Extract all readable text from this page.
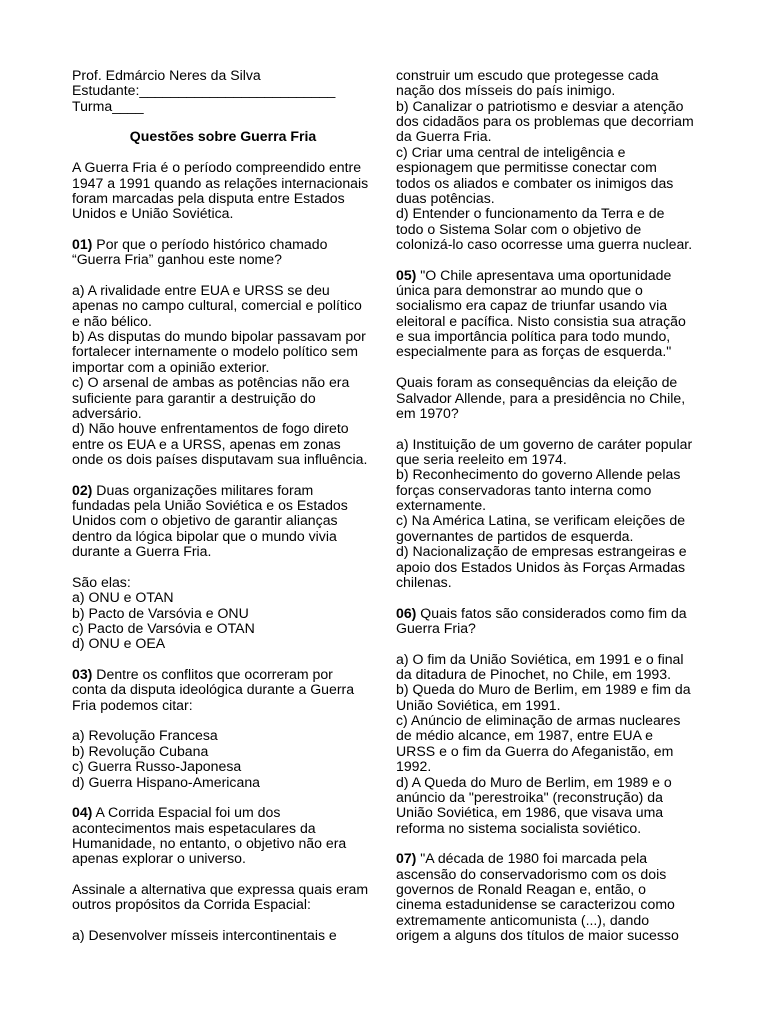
Prof. Edmárcio Neres da Silva
Estudante:_________________________
Turma____
Questões sobre Guerra Fria
A Guerra Fria é o período compreendido entre
1947 a 1991 quando as relações internacionais
foram marcadas pela disputa entre Estados
Unidos e União Soviética.
01) Por que o período histórico chamado
“Guerra Fria” ganhou este nome?
a) A rivalidade entre EUA e URSS se deu
apenas no campo cultural, comercial e político
e não bélico.
b) As disputas do mundo bipolar passavam por
fortalecer internamente o modelo político sem
importar com a opinião exterior.
c) O arsenal de ambas as potências não era
suficiente para garantir a destruição do
adversário.
d) Não houve enfrentamentos de fogo direto
entre os EUA e a URSS, apenas em zonas
onde os dois países disputavam sua influência.
02) Duas organizações militares foram
fundadas pela União Soviética e os Estados
Unidos com o objetivo de garantir alianças
dentro da lógica bipolar que o mundo vivia
durante a Guerra Fria.
São elas:
a) ONU e OTAN
b) Pacto de Varsóvia e ONU
c) Pacto de Varsóvia e OTAN
d) ONU e OEA
03) Dentre os conflitos que ocorreram por
conta da disputa ideológica durante a Guerra
Fria podemos citar:
a) Revolução Francesa
b) Revolução Cubana
c) Guerra Russo-Japonesa
d) Guerra Hispano-Americana
04) A Corrida Espacial foi um dos
acontecimentos mais espetaculares da
Humanidade, no entanto, o objetivo não era
apenas explorar o universo.
Assinale a alternativa que expressa quais eram
outros propósitos da Corrida Espacial:
a) Desenvolver mísseis intercontinentais e
construir um escudo que protegesse cada
nação dos mísseis do país inimigo.
b) Canalizar o patriotismo e desviar a atenção
dos cidadãos para os problemas que decorriam
da Guerra Fria.
c) Criar uma central de inteligência e
espionagem que permitisse conectar com
todos os aliados e combater os inimigos das
duas potências.
d) Entender o funcionamento da Terra e de
todo o Sistema Solar com o objetivo de
colonizá-lo caso ocorresse uma guerra nuclear.
05) "O Chile apresentava uma oportunidade
única para demonstrar ao mundo que o
socialismo era capaz de triunfar usando via
eleitoral e pacífica. Nisto consistia sua atração
e sua importância política para todo mundo,
especialmente para as forças de esquerda."
Quais foram as consequências da eleição de
Salvador Allende, para a presidência no Chile,
em 1970?
a) Instituição de um governo de caráter popular
que seria reeleito em 1974.
b) Reconhecimento do governo Allende pelas
forças conservadoras tanto interna como
externamente.
c) Na América Latina, se verificam eleições de
governantes de partidos de esquerda.
d) Nacionalização de empresas estrangeiras e
apoio dos Estados Unidos às Forças Armadas
chilenas.
06) Quais fatos são considerados como fim da
Guerra Fria?
a) O fim da União Soviética, em 1991 e o final
da ditadura de Pinochet, no Chile, em 1993.
b) Queda do Muro de Berlim, em 1989 e fim da
União Soviética, em 1991.
c) Anúncio de eliminação de armas nucleares
de médio alcance, em 1987, entre EUA e
URSS e o fim da Guerra do Afeganistão, em
1992.
d) A Queda do Muro de Berlim, em 1989 e o
anúncio da "perestroika" (reconstrução) da
União Soviética, em 1986, que visava uma
reforma no sistema socialista soviético.
07) "A década de 1980 foi marcada pela
ascensão do conservadorismo com os dois
governos de Ronald Reagan e, então, o
cinema estadunidense se caracterizou como
extremamente anticomunista (...), dando
origem a alguns dos títulos de maior sucesso
